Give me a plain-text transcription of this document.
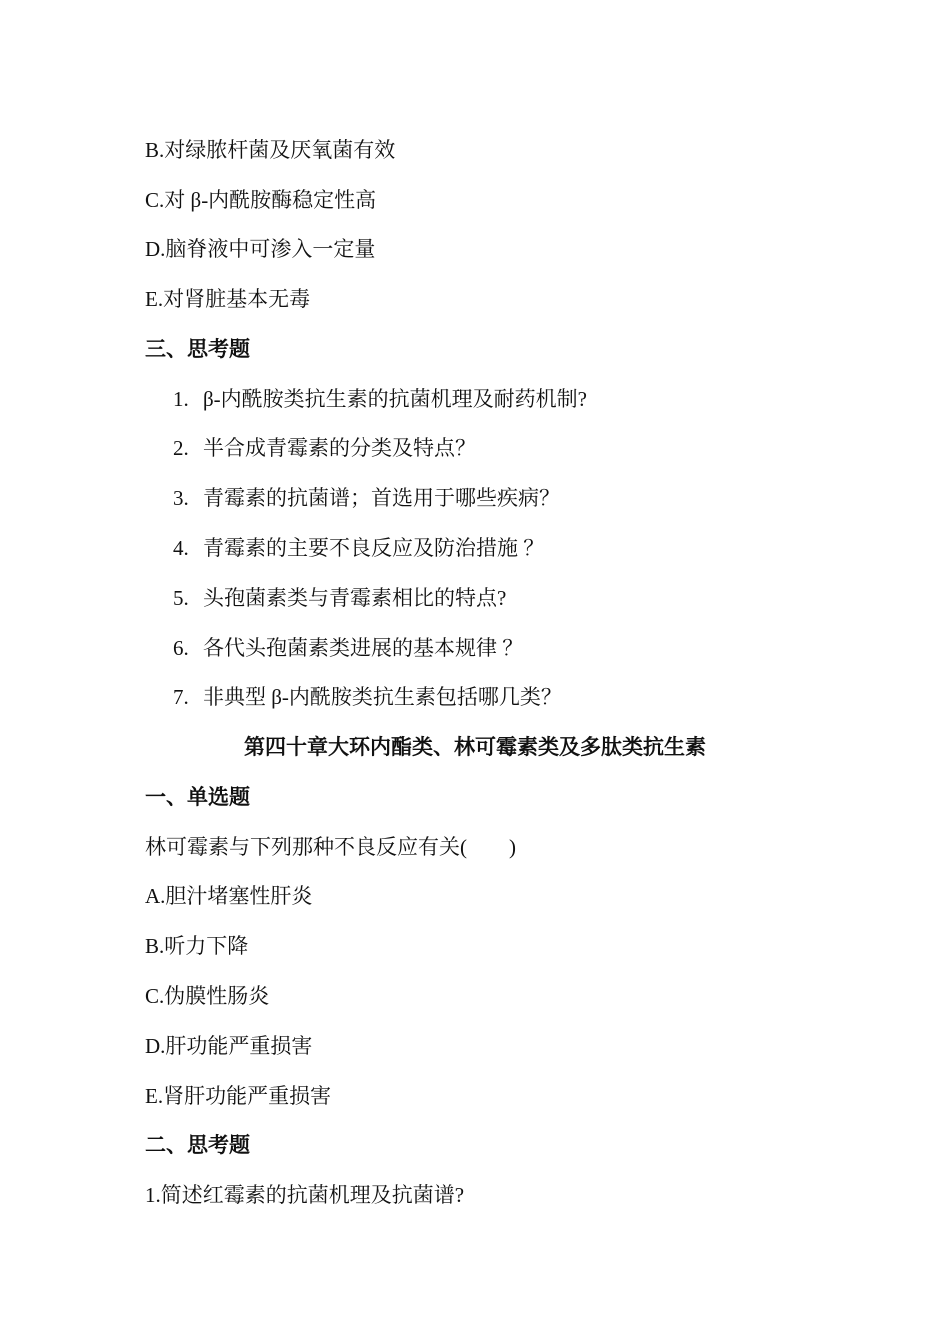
B.对绿脓杆菌及厌氧菌有效
C.对 β-内酰胺酶稳定性高
D.脑脊液中可渗入一定量
E.对肾脏基本无毒
三、思考题
1. β-内酰胺类抗生素的抗菌机理及耐药机制?
2. 半合成青霉素的分类及特点？
3. 青霉素的抗菌谱；首选用于哪些疾病？
4. 青霉素的主要不良反应及防治措施 ？
5. 头孢菌素类与青霉素相比的特点?
6. 各代头孢菌素类进展的基本规律 ？
7. 非典型 β-内酰胺类抗生素包括哪几类？
第四十章大环内酯类、林可霉素类及多肽类抗生素
一、单选题
林可霉素与下列那种不良反应有关(　　)
A.胆汁堵塞性肝炎
B.听力下降
C.伪膜性肠炎
D.肝功能严重损害
E.肾肝功能严重损害
二、思考题
1.简述红霉素的抗菌机理及抗菌谱?
